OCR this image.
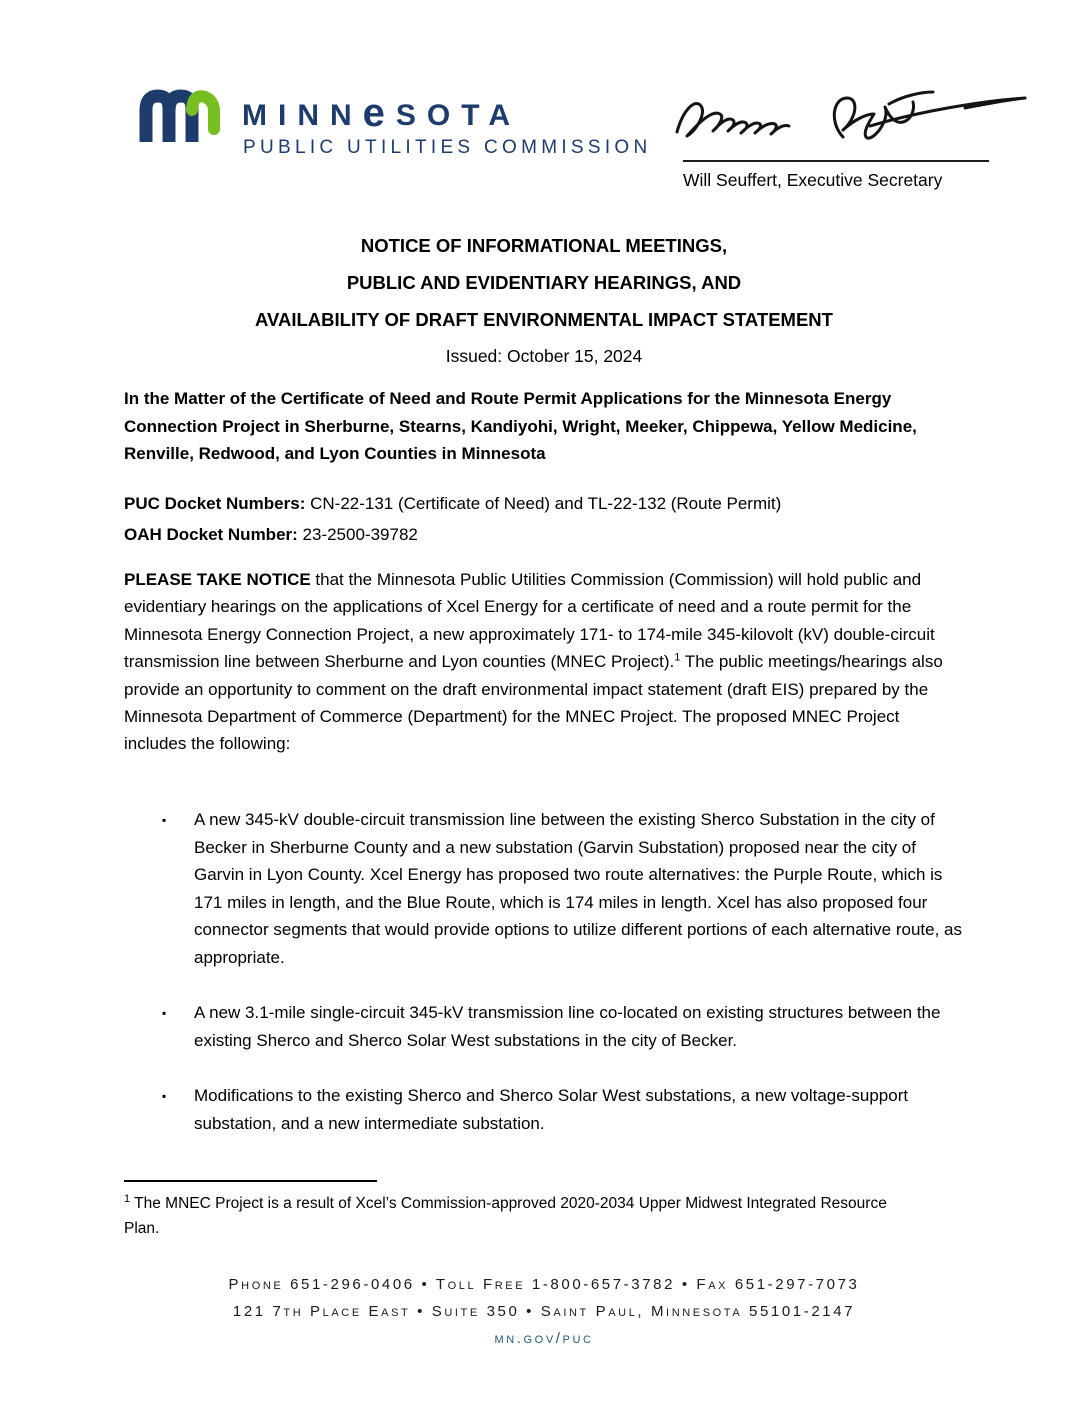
MINNeSOTA
PUBLIC UTILITIES COMMISSION
Will Seuffert, Executive Secretary
NOTICE OF INFORMATIONAL MEETINGS,
PUBLIC AND EVIDENTIARY HEARINGS, AND
AVAILABILITY OF DRAFT ENVIRONMENTAL IMPACT STATEMENT
Issued: October 15, 2024
In the Matter of the Certificate of Need and Route Permit Applications for the Minnesota Energy Connection Project in Sherburne, Stearns, Kandiyohi, Wright, Meeker, Chippewa, Yellow Medicine, Renville, Redwood, and Lyon Counties in Minnesota
PUC Docket Numbers: CN-22-131 (Certificate of Need) and TL-22-132 (Route Permit)
OAH Docket Number: 23-2500-39782
PLEASE TAKE NOTICE that the Minnesota Public Utilities Commission (Commission) will hold public and evidentiary hearings on the applications of Xcel Energy for a certificate of need and a route permit for the Minnesota Energy Connection Project, a new approximately 171- to 174-mile 345-kilovolt (kV) double-circuit transmission line between Sherburne and Lyon counties (MNEC Project).$^1$ The public meetings/hearings also provide an opportunity to comment on the draft environmental impact statement (draft EIS) prepared by the Minnesota Department of Commerce (Department) for the MNEC Project. The proposed MNEC Project includes the following:
▪ A new 345-kV double-circuit transmission line between the existing Sherco Substation in the city of Becker in Sherburne County and a new substation (Garvin Substation) proposed near the city of Garvin in Lyon County. Xcel Energy has proposed two route alternatives: the Purple Route, which is 171 miles in length, and the Blue Route, which is 174 miles in length. Xcel has also proposed four connector segments that would provide options to utilize different portions of each alternative route, as appropriate.
▪ A new 3.1-mile single-circuit 345-kV transmission line co-located on existing structures between the existing Sherco and Sherco Solar West substations in the city of Becker.
▪ Modifications to the existing Sherco and Sherco Solar West substations, a new voltage-support substation, and a new intermediate substation.
$^1$ The MNEC Project is a result of Xcel’s Commission-approved 2020-2034 Upper Midwest Integrated Resource Plan.
Phone 651-296-0406 • Toll Free 1-800-657-3782 • Fax 651-297-7073
121 7th Place East • Suite 350 • Saint Paul, Minnesota 55101-2147
mn.gov/puc
